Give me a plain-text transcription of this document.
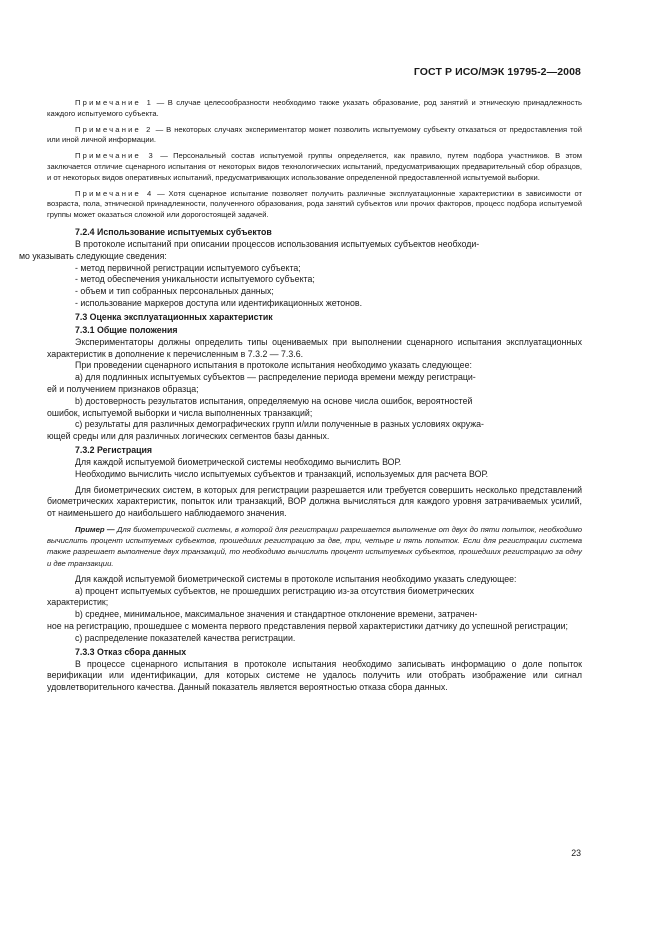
ГОСТ Р ИСО/МЭК 19795-2—2008

Примечание 1 — В случае целесообразности необходимо также указать образование, род занятий и этническую принадлежность каждого испытуемого субъекта.

Примечание 2 — В некоторых случаях экспериментатор может позволить испытуемому субъекту отказаться от предоставления той или иной личной информации.

Примечание 3 — Персональный состав испытуемой группы определяется, как правило, путем подбора участников. В этом заключается отличие сценарного испытания от некоторых видов технологических испытаний, предусматривающих предварительный сбор образцов, и от некоторых видов оперативных испытаний, предусматривающих использование определенной предоставленной испытуемой выборки.

Примечание 4 — Хотя сценарное испытание позволяет получить различные эксплуатационные характеристики в зависимости от возраста, пола, этнической принадлежности, полученного образования, рода занятий субъектов или прочих факторов, процесс подбора испытуемой группы может оказаться сложной или дорогостоящей задачей.

7.2.4 Использование испытуемых субъектов

В протоколе испытаний при описании процессов использования испытуемых субъектов необходи-
мо указывать следующие сведения:

- метод первичной регистрации испытуемого субъекта;

- метод обеспечения уникальности испытуемого субъекта;

- объем и тип собранных персональных данных;

- использование маркеров доступа или идентификационных жетонов.

7.3 Оценка эксплуатационных характеристик
7.3.1 Общие положения

Экспериментаторы должны определить типы оцениваемых при выполнении сценарного испытания эксплуатационных характеристик в дополнение к перечисленным в 7.3.2 — 7.3.6.

При проведении сценарного испытания в протоколе испытания необходимо указать следующее:

a) для подлинных испытуемых субъектов — распределение периода времени между регистраци-

ей и получением признаков образца;

b) достоверность результатов испытания, определяемую на основе числа ошибок, вероятностей

ошибок, испытуемой выборки и числа выполненных транзакций;

c) результаты для различных демографических групп и/или полученные в разных условиях окружа-

ющей среды или для различных логических сегментов базы данных.

7.3.2 Регистрация

Для каждой испытуемой биометрической системы необходимо вычислить ВОР.

Необходимо вычислить число испытуемых субъектов и транзакций, используемых для расчета ВОР.

Для биометрических систем, в которых для регистрации разрешается или требуется совершить несколько представлений биометрических характеристик, попыток или транзакций, ВОР должна вычисляться для каждого уровня затрачиваемых усилий, от наименьшего до наибольшего наблюдаемого значения.

Пример — Для биометрической системы, в которой для регистрации разрешается выполнение от двух до пяти попыток, необходимо вычислить процент испытуемых субъектов, прошедших регистрацию за две, три, четыре и пять попыток. Если для регистрации система также разрешает выполнение двух транзакций, то необходимо вычислить процент испытуемых субъектов, прошедших регистрацию за одну и две транзакции.

Для каждой испытуемой биометрической системы в протоколе испытания необходимо указать следующее:

a) процент испытуемых субъектов, не прошедших регистрацию из-за отсутствия биометрических

характеристик;

b) среднее, минимальное, максимальное значения и стандартное отклонение времени, затрачен-

ное на регистрацию, прошедшее с момента первого представления первой характеристики датчику до успешной регистрации;

c) распределение показателей качества регистрации.

7.3.3 Отказ сбора данных

В процессе сценарного испытания в протоколе испытания необходимо записывать информацию о доле попыток верификации или идентификации, для которых системе не удалось получить или отобрать изображение или сигнал удовлетворительного качества. Данный показатель является вероятностью отказа сбора данных.

23
